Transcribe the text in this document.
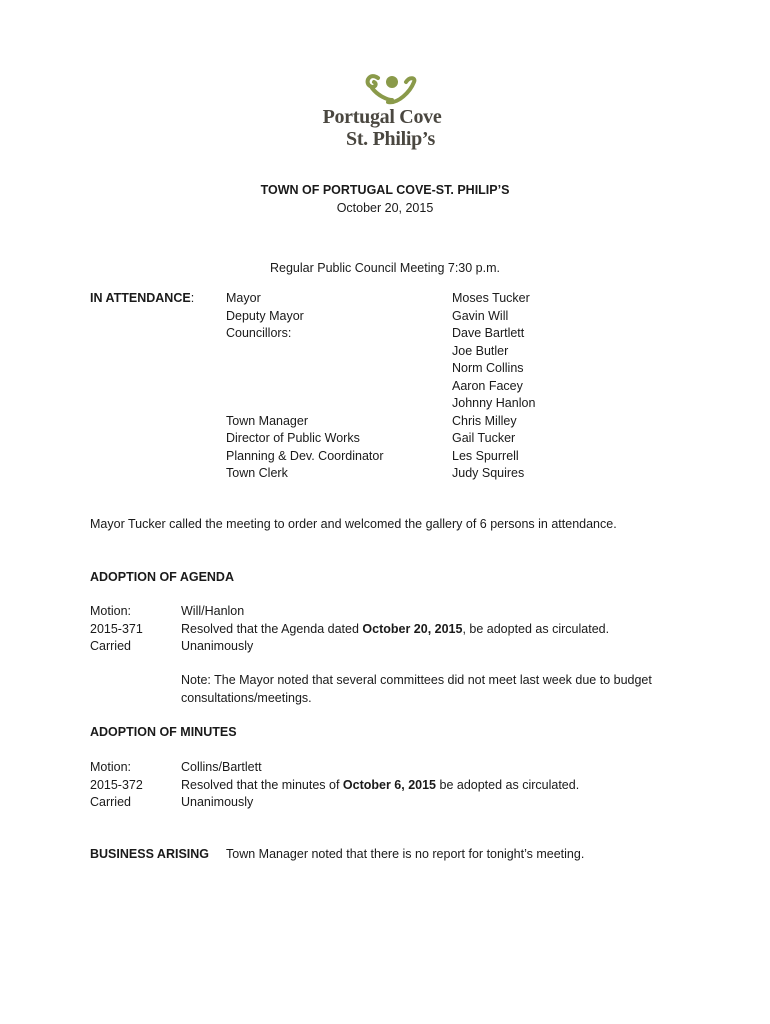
Portugal Cove
St. Philip’s
TOWN OF PORTUGAL COVE-ST. PHILIP’S
October 20, 2015
Regular Public Council Meeting 7:30 p.m.
IN ATTENDANCE:	Mayor
Deputy Mayor
Councillors:

Town Manager
Director of Public Works
Planning & Dev. Coordinator
Town Clerk
Moses Tucker
Gavin Will
Dave Bartlett
Joe Butler
Norm Collins
Aaron Facey
Johnny Hanlon
Chris Milley
Gail Tucker
Les Spurrell
Judy Squires
Mayor Tucker called the meeting to order and welcomed the gallery of 6 persons in attendance.
ADOPTION OF AGENDA
Motion:
2015-371
Carried
Will/Hanlon
Resolved that the Agenda dated October 20, 2015, be adopted as circulated.
Unanimously
Note: The Mayor noted that several committees did not meet last week due to budget
consultations/meetings.
ADOPTION OF MINUTES
Motion:
2015-372
Carried
Collins/Bartlett
Resolved that the minutes of October 6, 2015 be adopted as circulated.
Unanimously
BUSINESS ARISING Town Manager noted that there is no report for tonight’s meeting.
